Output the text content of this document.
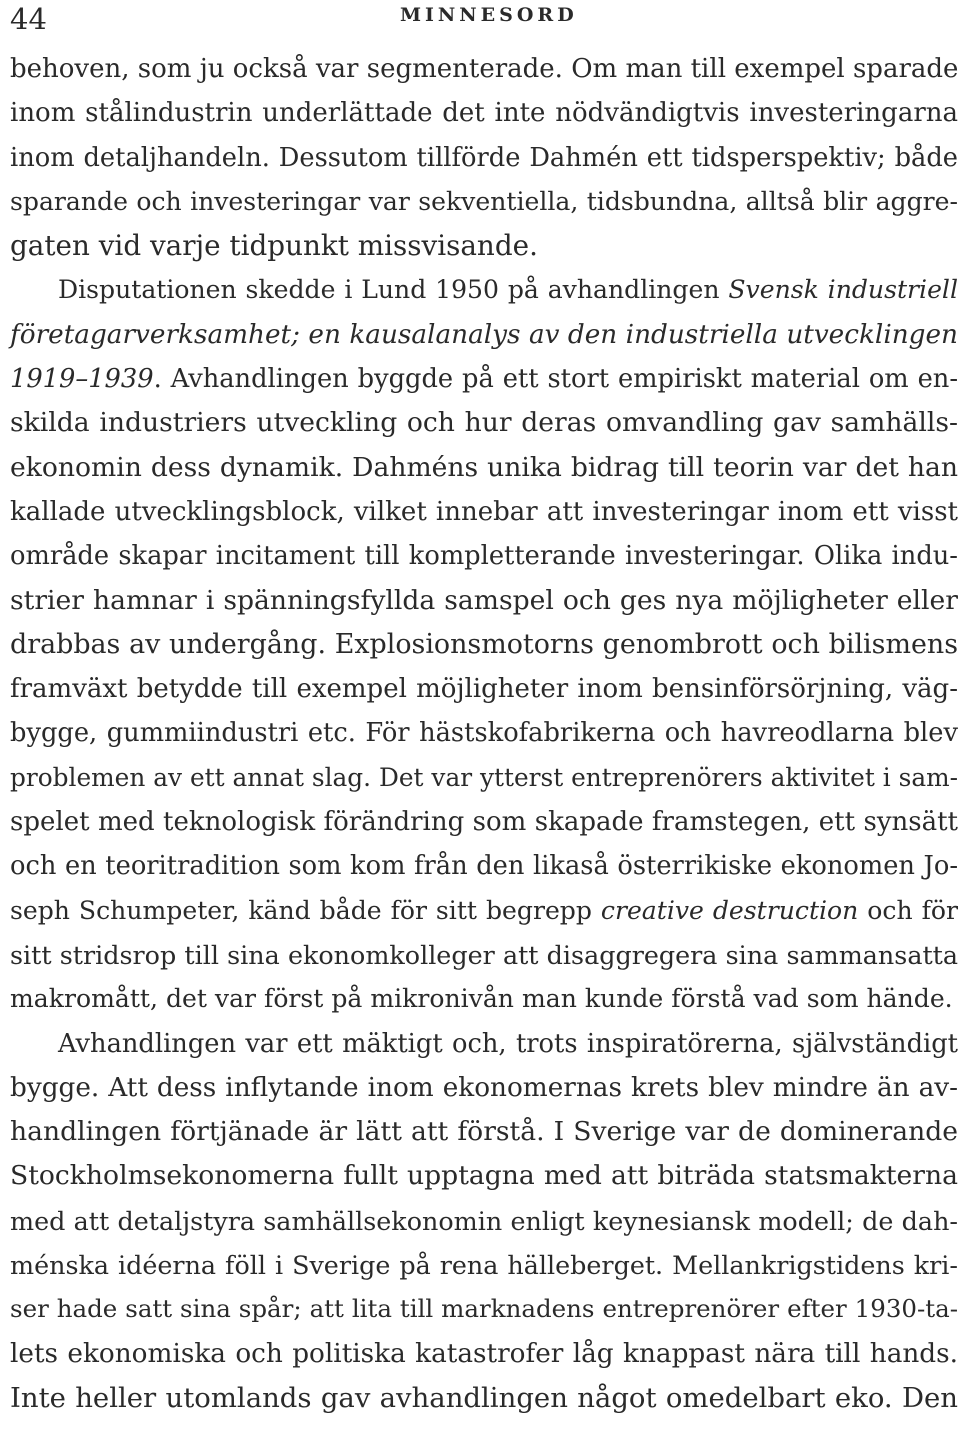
44	MINNESORD
behoven, som ju också var segmenterade. Om man till exempel sparade
inom stålindustrin underlättade det inte nödvändigtvis investeringarna
inom detaljhandeln. Dessutom tillförde Dahmén ett tidsperspektiv; både
sparande och investeringar var sekventiella, tidsbundna, alltså blir aggre-
gaten vid varje tidpunkt missvisande.
Disputationen skedde i Lund 1950 på avhandlingen Svensk industriell
företagarverksamhet; en kausalanalys av den industriella utvecklingen
1919–1939. Avhandlingen byggde på ett stort empiriskt material om en-
skilda industriers utveckling och hur deras omvandling gav samhälls-
ekonomin dess dynamik. Dahméns unika bidrag till teorin var det han
kallade utvecklingsblock, vilket innebar att investeringar inom ett visst
område skapar incitament till kompletterande investeringar. Olika indu-
strier hamnar i spänningsfyllda samspel och ges nya möjligheter eller
drabbas av undergång. Explosionsmotorns genombrott och bilismens
framväxt betydde till exempel möjligheter inom bensinförsörjning, väg-
bygge, gummiindustri etc. För hästskofabrikerna och havreodlarna blev
problemen av ett annat slag. Det var ytterst entreprenörers aktivitet i sam-
spelet med teknologisk förändring som skapade framstegen, ett synsätt
och en teoritradition som kom från den likaså österrikiske ekonomen Jo-
seph Schumpeter, känd både för sitt begrepp creative destruction och för
sitt stridsrop till sina ekonomkolleger att disaggregera sina sammansatta
makromått, det var först på mikronivån man kunde förstå vad som hände.
Avhandlingen var ett mäktigt och, trots inspiratörerna, självständigt
bygge. Att dess inflytande inom ekonomernas krets blev mindre än av-
handlingen förtjänade är lätt att förstå. I Sverige var de dominerande
Stockholmsekonomerna fullt upptagna med att biträda statsmakterna
med att detaljstyra samhällsekonomin enligt keynesiansk modell; de dah-
ménska idéerna föll i Sverige på rena hälleberget. Mellankrigstidens kri-
ser hade satt sina spår; att lita till marknadens entreprenörer efter 1930-ta-
lets ekonomiska och politiska katastrofer låg knappast nära till hands.
Inte heller utomlands gav avhandlingen något omedelbart eko. Den
